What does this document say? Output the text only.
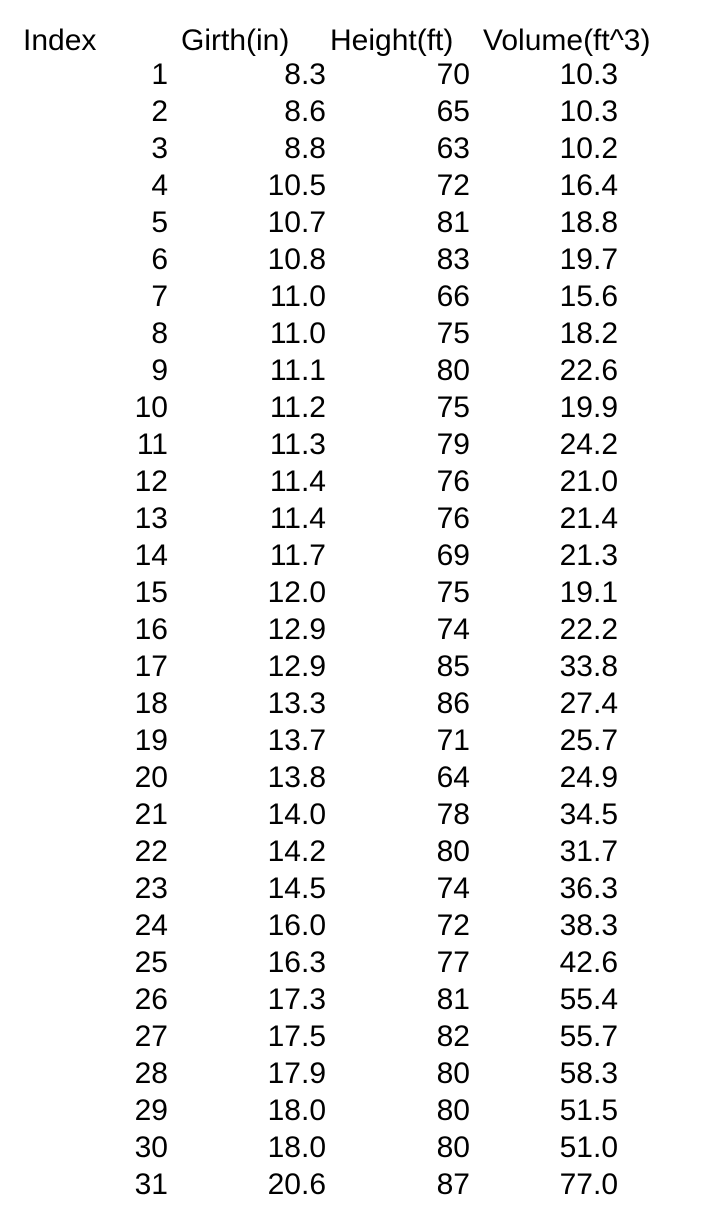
Index	Girth(in) Height(ft) Volume(ft^3)
1	8.3	70	10.3
2	8.6	65	10.3
3	8.8	63	10.2
4	10.5	72	16.4
5	10.7	81	18.8
6	10.8	83	19.7
7	11.0	66	15.6
8	11.0	75	18.2
9	11.1	80	22.6
10	11.2	75	19.9
11	11.3	79	24.2
12	11.4	76	21.0
13	11.4	76	21.4
14	11.7	69	21.3
15	12.0	75	19.1
16	12.9	74	22.2
17	12.9	85	33.8
18	13.3	86	27.4
19	13.7	71	25.7
20	13.8	64	24.9
21	14.0	78	34.5
22	14.2	80	31.7
23	14.5	74	36.3
24	16.0	72	38.3
25	16.3	77	42.6
26	17.3	81	55.4
27	17.5	82	55.7
28	17.9	80	58.3
29	18.0	80	51.5
30	18.0	80	51.0
31	20.6	87	77.0
